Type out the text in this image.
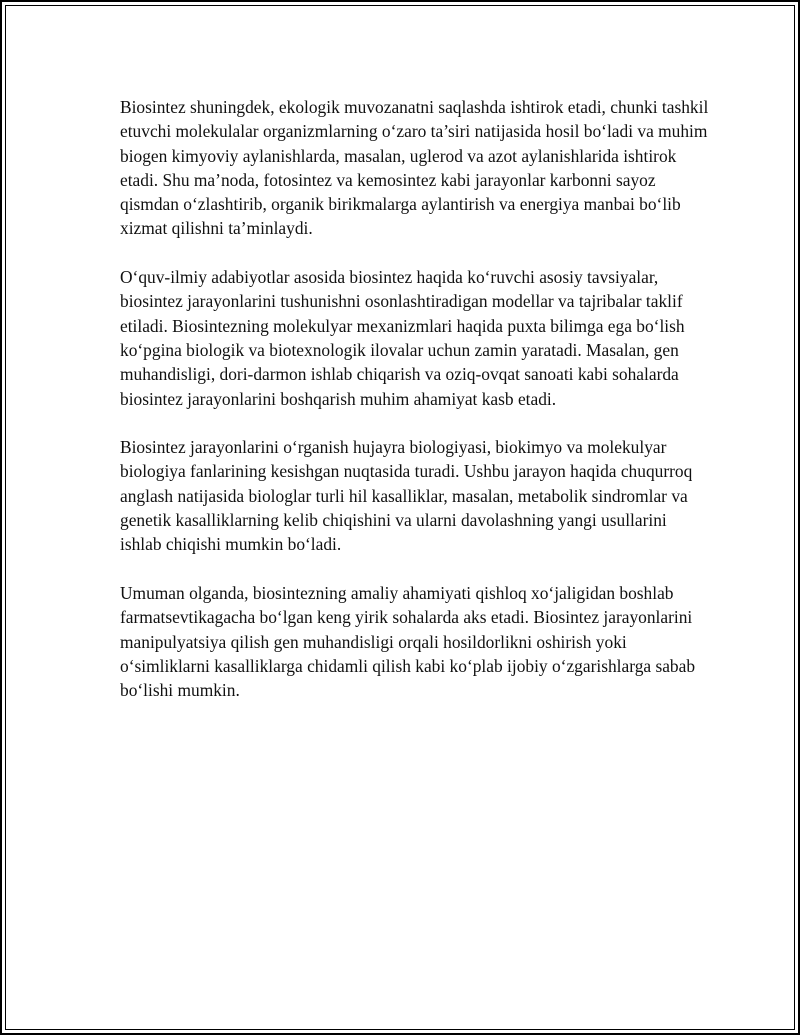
Biosintez shuningdek, ekologik muvozanatni saqlashda ishtirok etadi, chunki tashkil etuvchi molekulalar organizmlarning o‘zaro ta’siri natijasida hosil bo‘ladi va muhim biogen kimyoviy aylanishlarda, masalan, uglerod va azot aylanishlarida ishtirok etadi. Shu ma’noda, fotosintez va kemosintez kabi jarayonlar karbonni sayoz qismdan o‘zlashtirib, organik birikmalarga aylantirish va energiya manbai bo‘lib xizmat qilishni ta’minlaydi.

O‘quv-ilmiy adabiyotlar asosida biosintez haqida ko‘ruvchi asosiy tavsiyalar, biosintez jarayonlarini tushunishni osonlashtiradigan modellar va tajribalar taklif etiladi. Biosintezning molekulyar mexanizmlari haqida puxta bilimga ega bo‘lish ko‘pgina biologik va biotexnologik ilovalar uchun zamin yaratadi. Masalan, gen muhandisligi, dori-darmon ishlab chiqarish va oziq-ovqat sanoati kabi sohalarda biosintez jarayonlarini boshqarish muhim ahamiyat kasb etadi.

Biosintez jarayonlarini o‘rganish hujayra biologiyasi, biokimyo va molekulyar biologiya fanlarining kesishgan nuqtasida turadi. Ushbu jarayon haqida chuqurroq anglash natijasida biologlar turli hil kasalliklar, masalan, metabolik sindromlar va genetik kasalliklarning kelib chiqishini va ularni davolashning yangi usullarini ishlab chiqishi mumkin bo‘ladi.

Umuman olganda, biosintezning amaliy ahamiyati qishloq xo‘jaligidan boshlab farmatsevtikagacha bo‘lgan keng yirik sohalarda aks etadi. Biosintez jarayonlarini manipulyatsiya qilish gen muhandisligi orqali hosildorlikni oshirish yoki o‘simliklarni kasalliklarga chidamli qilish kabi ko‘plab ijobiy o‘zgarishlarga sabab bo‘lishi mumkin.
